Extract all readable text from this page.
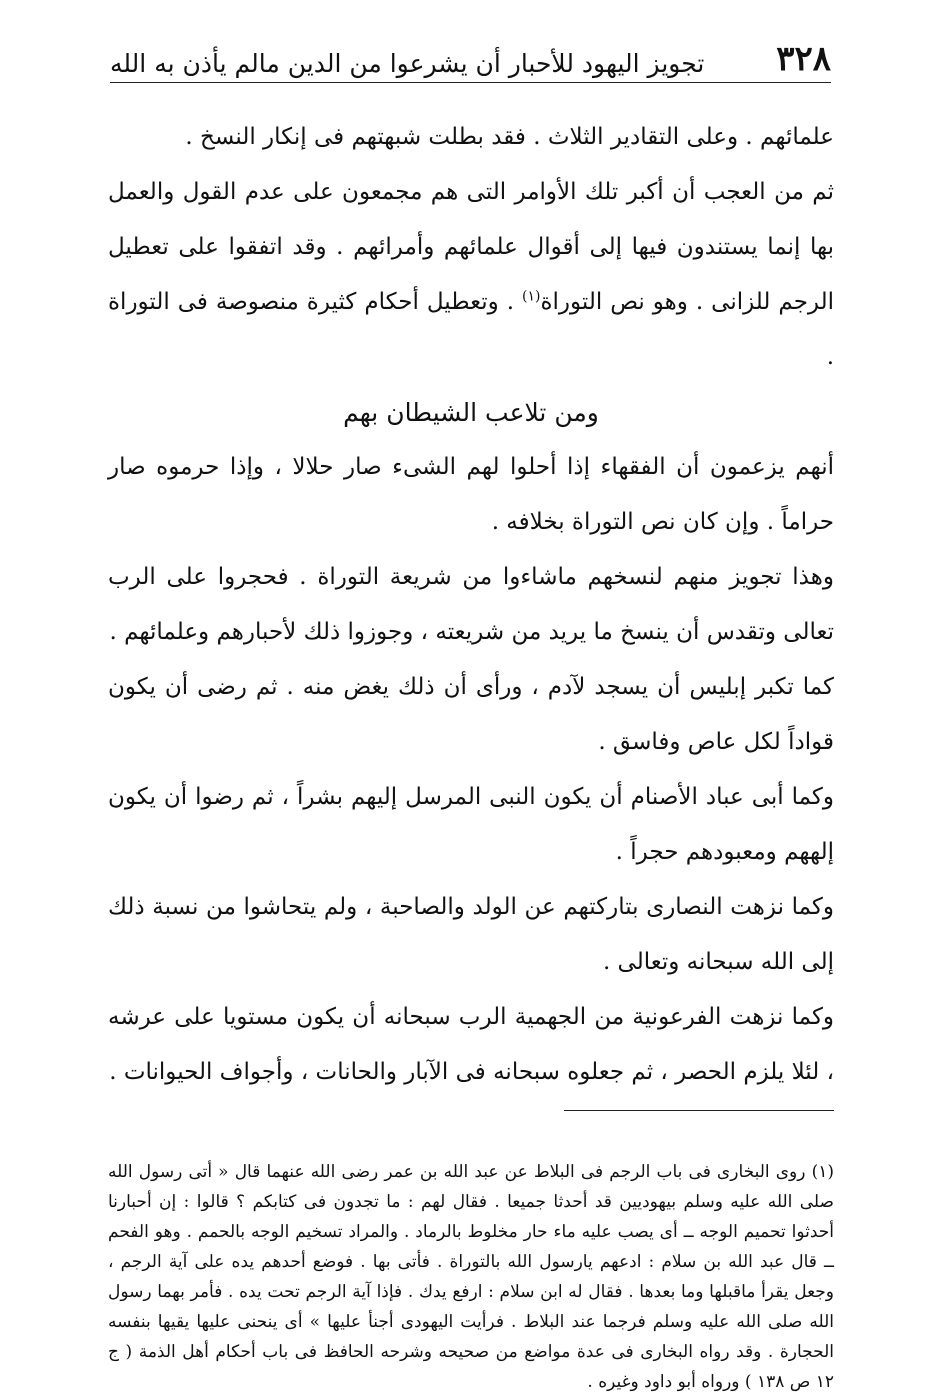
٣٢٨
تجويز اليهود للأحبار أن يشرعوا من الدين مالم يأذن به الله

علمائهم . وعلى التقادير الثلاث . فقد بطلت شبهتهم فى إنكار النسخ .

ثم من العجب أن أكبر تلك الأوامر التى هم مجمعون على عدم القول والعمل بها إنما يستندون فيها إلى أقوال علمائهم وأمرائهم . وقد اتفقوا على تعطيل الرجم للزانى . وهو نص التوراة$^{(١)}$ . وتعطيل أحكام كثيرة منصوصة فى التوراة .

ومن تلاعب الشيطان بهم

أنهم يزعمون أن الفقهاء إذا أحلوا لهم الشىء صار حلالا ، وإذا حرموه صار حراماً . وإن كان نص التوراة بخلافه .

وهذا تجويز منهم لنسخهم ماشاءوا من شريعة التوراة . فحجروا على الرب تعالى وتقدس أن ينسخ ما يريد من شريعته ، وجوزوا ذلك لأحبارهم وعلمائهم .

كما تكبر إبليس أن يسجد لآدم ، ورأى أن ذلك يغض منه . ثم رضى أن يكون قواداً لكل عاص وفاسق .

وكما أبى عباد الأصنام أن يكون النبى المرسل إليهم بشراً ، ثم رضوا أن يكون إلههم ومعبودهم حجراً .

وكما نزهت النصارى بتاركتهم عن الولد والصاحبة ، ولم يتحاشوا من نسبة ذلك إلى الله سبحانه وتعالى .

وكما نزهت الفرعونية من الجهمية الرب سبحانه أن يكون مستويا على عرشه ، لئلا يلزم الحصر ، ثم جعلوه سبحانه فى الآبار والحانات ، وأجواف الحيوانات .

(١) روى البخارى فى باب الرجم فى البلاط عن عبد الله بن عمر رضى الله عنهما قال « أتى رسول الله صلى الله عليه وسلم بيهوديين قد أحدثا جميعا . فقال لهم : ما تجدون فى كتابكم ؟ قالوا : إن أحبارنا أحدثوا تحميم الوجه ــ أى يصب عليه ماء حار مخلوط بالرماد . والمراد تسخيم الوجه بالحمم . وهو الفحم ــ قال عبد الله بن سلام : ادعهم يارسول الله بالتوراة . فأتى بها . فوضع أحدهم يده على آية الرجم ، وجعل يقرأ ماقبلها وما بعدها . فقال له ابن سلام : ارفع يدك . فإذا آية الرجم تحت يده . فأمر بهما رسول الله صلى الله عليه وسلم فرجما عند البلاط . فرأيت اليهودى أجنأ عليها » أى ينحنى عليها يقيها بنفسه الحجارة . وقد رواه البخارى فى عدة مواضع من صحيحه وشرحه الحافظ فى باب أحكام أهل الذمة ( ج ١٢ ص ١٣٨ ) ورواه أبو داود وغيره .
